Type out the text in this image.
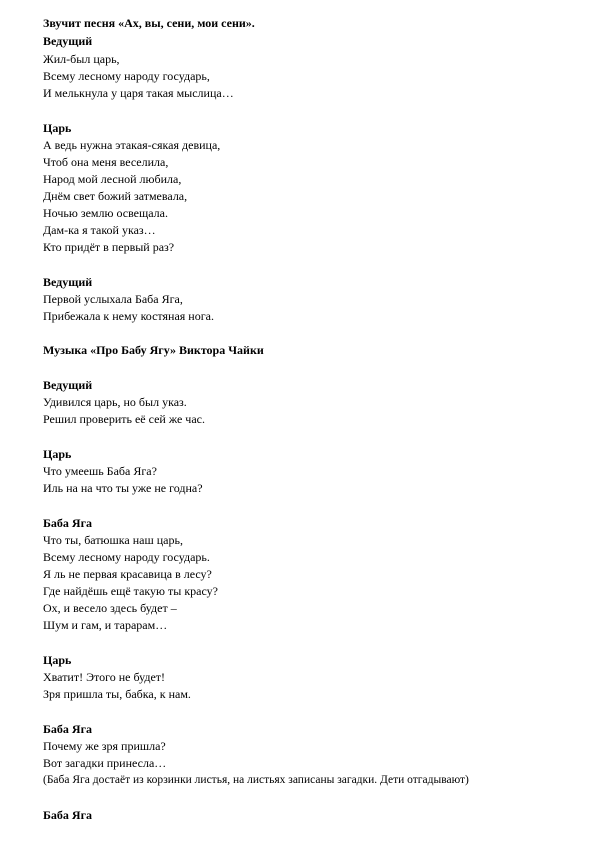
Звучит песня «Ах, вы, сени, мои сени».
Ведущий
Жил-был царь,
Всему лесному народу государь,
И мелькнула у царя такая мыслица…
Царь
А ведь нужна этакая-сякая девица,
Чтоб она меня веселила,
Народ мой лесной любила,
Днём свет божий затмевала,
Ночью землю освещала.
Дам-ка я такой указ…
Кто придёт в первый раз?
Ведущий
Первой услыхала Баба Яга,
Прибежала к нему костяная нога.
Музыка «Про Бабу Ягу» Виктора Чайки
Ведущий
Удивился царь, но был указ.
Решил проверить её сей же час.
Царь
Что умеешь Баба Яга?
Иль на на что ты уже не годна?
Баба Яга
Что ты, батюшка наш царь,
Всему лесному народу государь.
Я ль не первая красавица в лесу?
Где найдёшь ещё такую ты красу?
Ох, и весело здесь будет –
Шум и гам, и тарарам…
Царь
Хватит! Этого не будет!
Зря пришла ты, бабка, к нам.
Баба Яга
Почему же зря пришла?
Вот загадки принесла…
(Баба Яга достаёт из корзинки листья, на листьях записаны загадки. Дети отгадывают)
Баба Яга
